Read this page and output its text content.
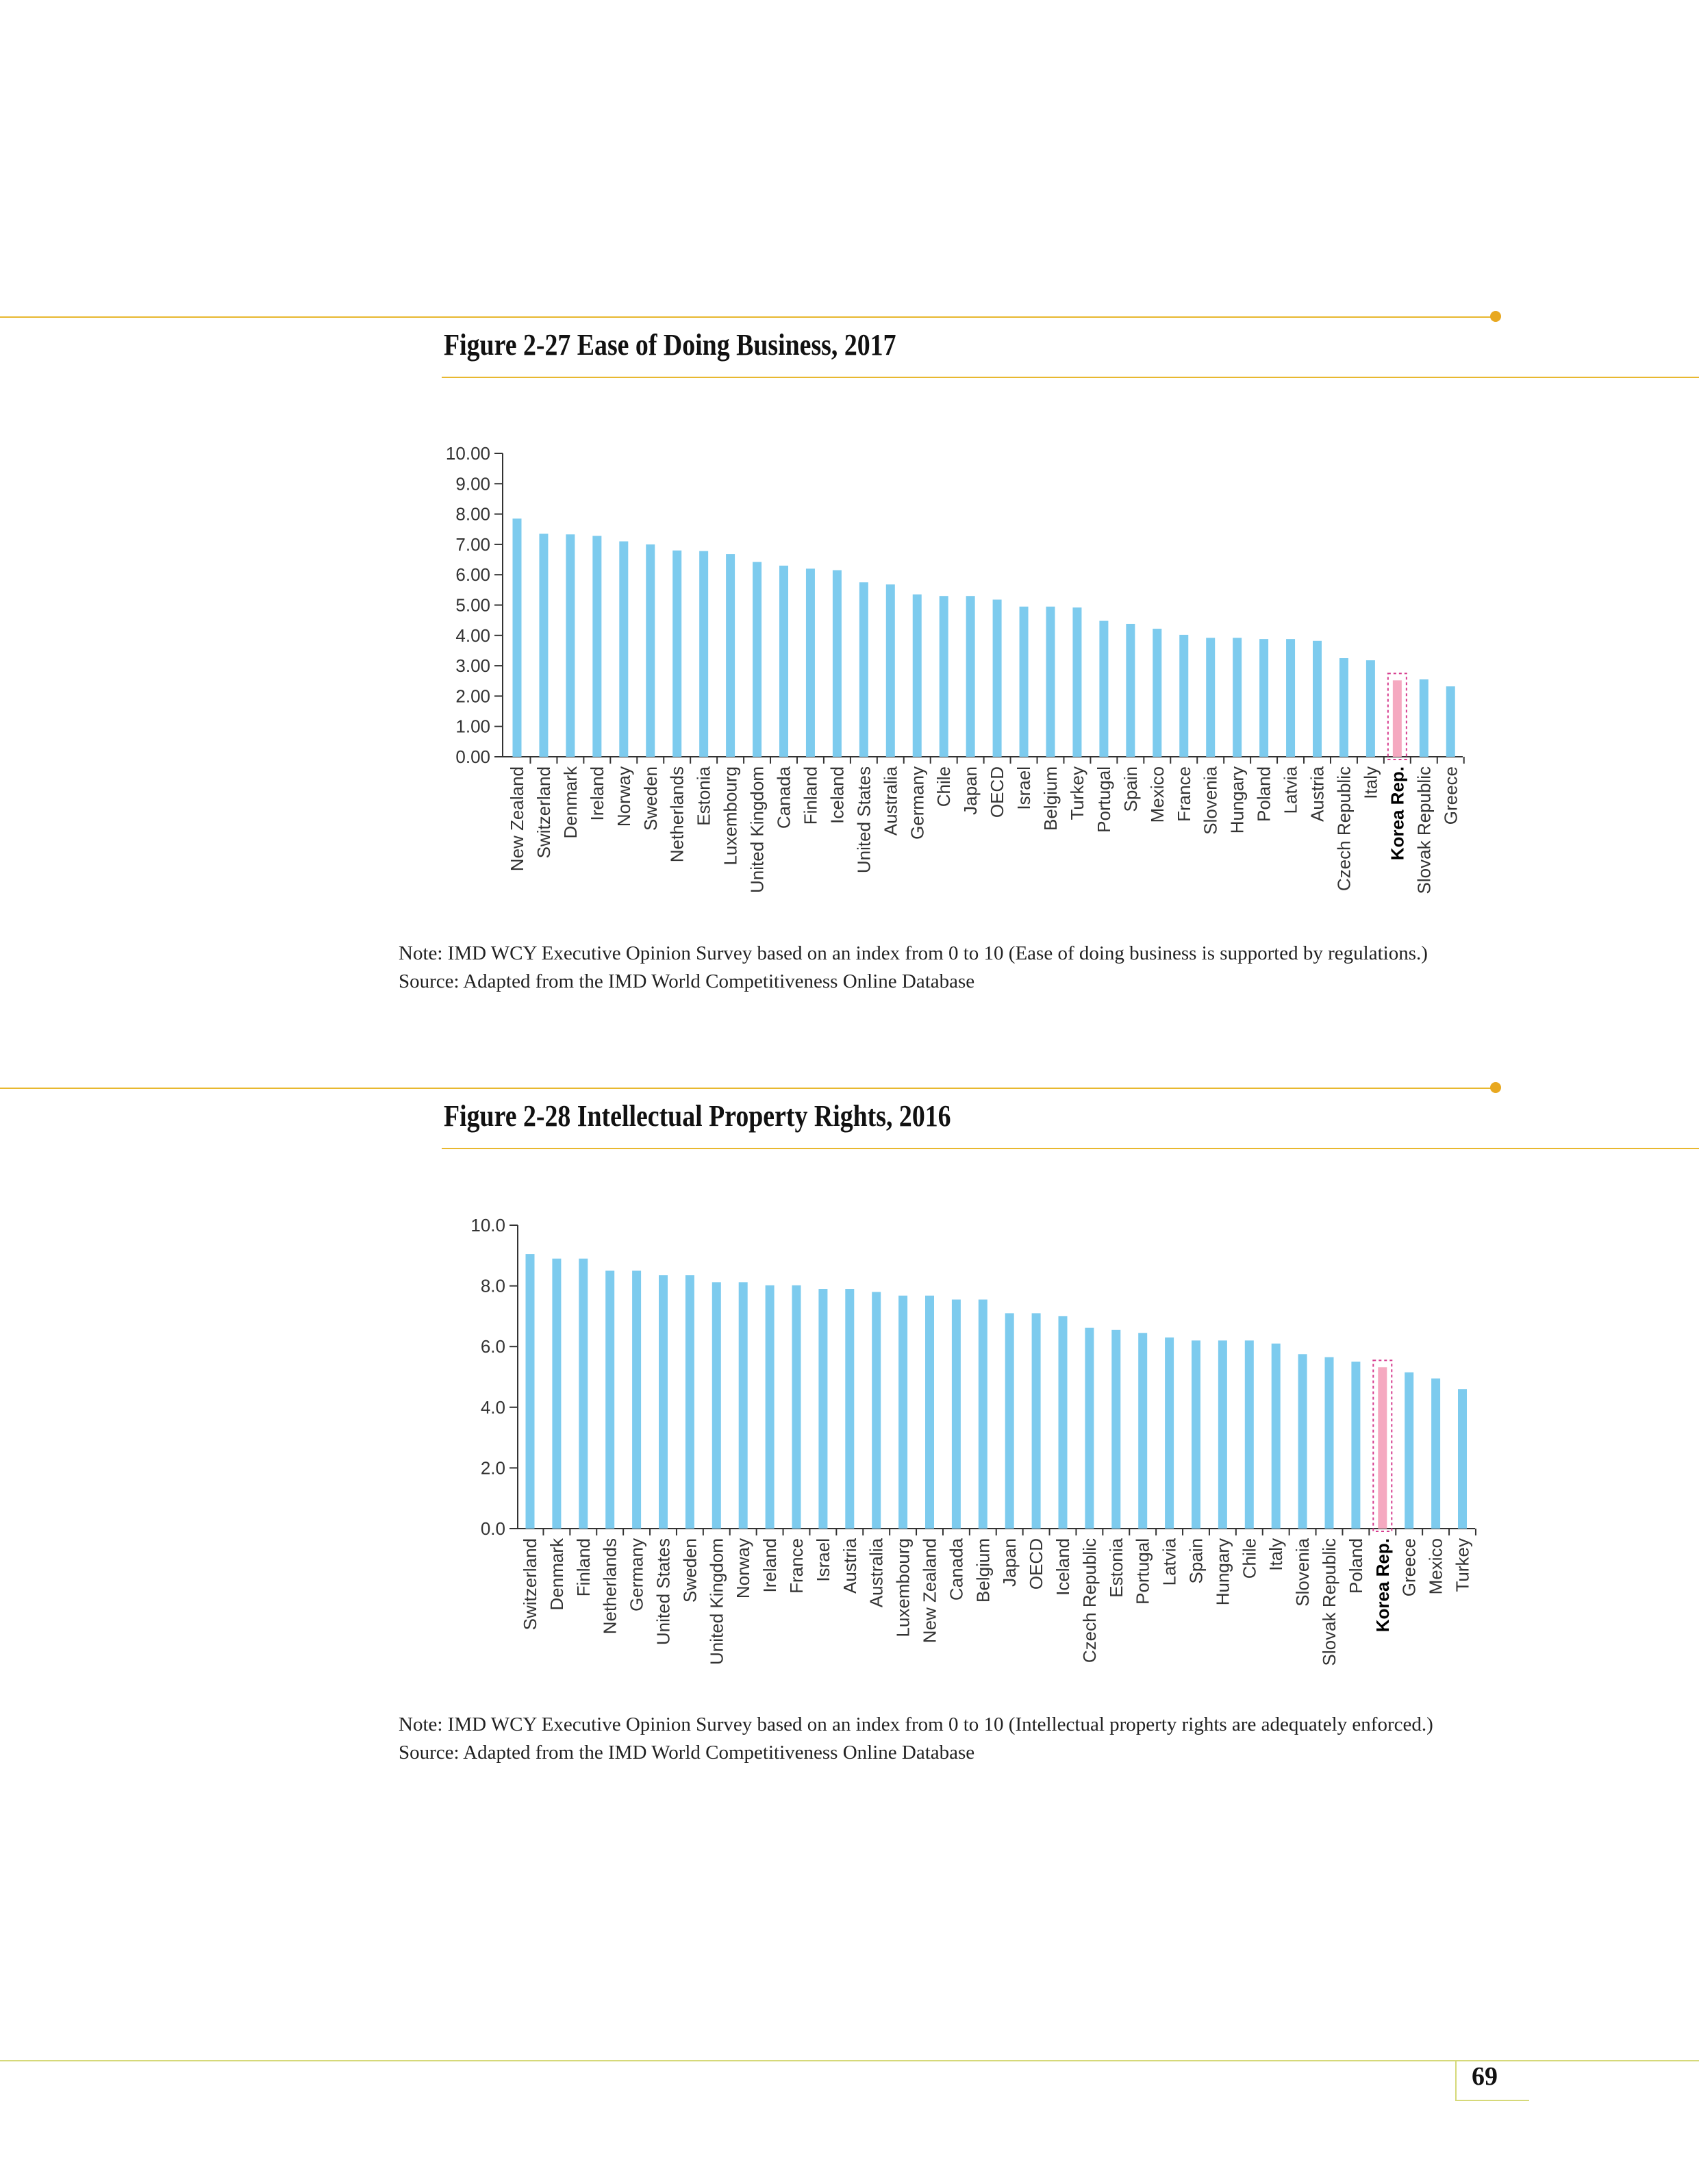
Figure 2-27 Ease of Doing Business, 2017
0.00
1.00
2.00
3.00
4.00
5.00
6.00
7.00
8.00
9.00
10.00
New Zealand Switzerland Denmark Ireland Norway Sweden Netherlands Estonia Luxembourg United Kingdom Canada Finland Iceland United States Australia Germany Chile Japan OECD Israel Belgium Turkey Portugal Spain Mexico France Slovenia Hungary Poland Latvia Austria Czech Republic Italy Korea Rep. Slovak Republic Greece
Note: IMD WCY Executive Opinion Survey based on an index from 0 to 10 (Ease of doing business is supported by regulations.)
Source: Adapted from the IMD World Competitiveness Online Database
Figure 2-28 Intellectual Property Rights, 2016
0.0
2.0
4.0
6.0
8.0
10.0
Switzerland Denmark Finland Netherlands Germany United States Sweden United Kingdom Norway Ireland France Israel Austria Australia Luxembourg New Zealand Canada Belgium Japan OECD Iceland Czech Republic Estonia Portugal Latvia Spain Hungary Chile Italy Slovenia Slovak Republic Poland Korea Rep. Greece Mexico Turkey
Note: IMD WCY Executive Opinion Survey based on an index from 0 to 10 (Intellectual property rights are adequately enforced.)
Source: Adapted from the IMD World Competitiveness Online Database
69
